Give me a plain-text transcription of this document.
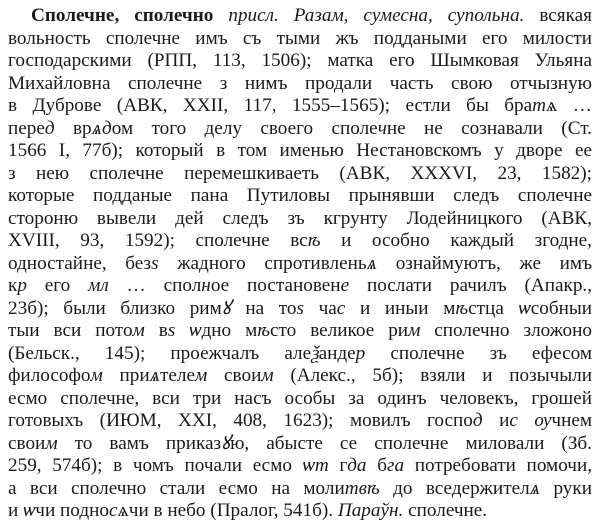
Сполечне, сполечно присл. Разам, сумесна, супольна. всякая
вольность сполечне имъ съ тыми жъ поддаными его милости
господарскими (РПП, 113, 1506); матка его Шымковая Ульяна
Михайловна сполечне з нимъ продали часть свою отчызную
в Дуброве (АВК, XXII, 117, 1555–1565); естли бы братѧ …
перед врѧдом того делу своего сполечне не сознавали (Ст.
1566 I, 77б); который в том именью Нестановскомъ у дворе ее
з нею сполечне перемешкиваеть (АВК, XXXVI, 23, 1582);
которые подданые пана Путиловы прынявши следъ сполечне
стороню вывели дей следъ зъ кгрунту Лодейницкого (АВК,
XVIII, 93, 1592); сполечне всѣ и особно каждый згодне,
одностайне, безѕ жадного спротивленьѧ ознаймуютъ, же имъ
кр его мл … сполное постановене послати рачилъ (Апакр.,
23б); были близко римꙋ на тоѕ час и иныи мѣстца ѡсобныи
тыи вси потом вѕ ѡдно мѣсто великое рим сполечно зложоно
(Бельск., 145); проежчалъ алеѯандер сполечне зъ ефесом
философом приѧтелем своим (Алекс., 5б); взяли и позычыли
есмо сполечне, вси три насъ особы за одинъ человекъ, грошей
готовыхъ (ИЮМ, XXI, 408, 1623); мовилъ господ ис ѹчнем
своим то вамъ приказꙋю, абысте се сполечне миловали (Зб.
259, 574б); в чомъ почали есмо ѡт гда бга потребовати помочи,
а вси сполечно стали есмо на молитвѣ до вседержителѧ руки
и ѡчи подносѧчи в небо (Пралог, 541б). Параўн. сполечне.
